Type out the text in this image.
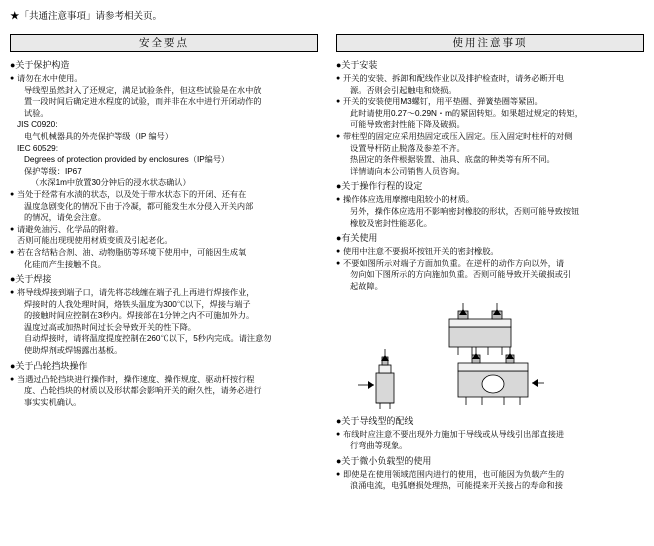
★「共通注意事項」请参考相关页。
安全要点
●关于保护构造
● 请勿在水中使用。
导线型虽然封入了还规定，满足试验条件，但这些试验是在水中放
置一段时间后确定进水程度的试验，而并非在水中进行开闭动作的
试验。
JIS C0920:
电气机械器具的外壳保护等级（IP 编号）
IEC 60529:
Degrees of protection provided by enclosures（IP编号）
保护等级：IP67
（水深1m中放置30分钟后的浸水状态确认）
● 当处于经常有水渍的状态，以及处于带水状态下的开闭、还有在
温度急剧变化的情况下由于冷凝，都可能发生水分侵入开关内部
的情况，请免会注意。
● 请避免油污、化学品的附着。
否则可能出现现使用材质变质及引起老化。
● 若在含结粘合剂、油、动物脂肪等环境下使用中，可能因生成氧
化硅而产生接触不良。
●关于焊接
● 将导线焊接到端子口，请先将芯线缠在端子孔上再进行焊接作业，
焊接时的人我处理时间，烙铁头温度为300℃以下，焊接与端子
的接触时间应控制在3秒内。焊接部在1分钟之内不可施加外力。
温度过高或加热时间过长会导致开关的性下降。
自动焊接时，请将温度提度控制在260℃以下，5秒内完成。请注意勿
使助焊剂或焊锡露出基板。
●关于凸轮挡块操作
● 当遇过凸轮挡块进行操作时，操作速度、操作规度、驱动杆按行程
度、凸轮挡块的材质以及形状都会影响开关的耐久性，请务必进行
事实实机确认。
使用注意事项
●关于安装
● 开关的安装、拆卸和配线作业以及排护检查时，请务必断开电
源。否则会引起触电和烧损。
● 开关的安装使用M3螺钉，用平垫圈、弹簧垫圈等紧固。
此时请使用0.27～0.29N・m的紧固转矩。如果超过规定的转矩，
可能导致密封性能下降及破损。
● 带柱型的固定应采用热固定或压入固定。压入固定时柱杆的对侧
设置导杆防止脱落及参差不齐。
热固定的条件根据装置、油具、底盘的种类等有所不同。
详情请向本公司销售人员咨询。
●关于操作行程的设定
● 操作体应选用摩擦电阻较小的材质。
另外，操作体应选用不影响密封橡胶的形状，否则可能导致按钮
橡胶及密封性能恶化。
●有关使用
● 使用中注意不要损坏按钮开关的密封橡胶。
● 不要如图所示对端子方面加负重。在逆杆的动作方向以外，请
勿向如下图所示的方向施加负重。否则可能导致开关破损或引
起故障。
●关于导线型的配线
● 布线时应注意不要出现外力施加于导线或从导线引出部直接进
行弯曲等现象。
●关于微小负载型的使用
● 即使是在使用领域范围内进行的使用，也可能因为负载产生的
浪涌电流，电弧磨损处理热，可能提来开关接占的寿命和接
